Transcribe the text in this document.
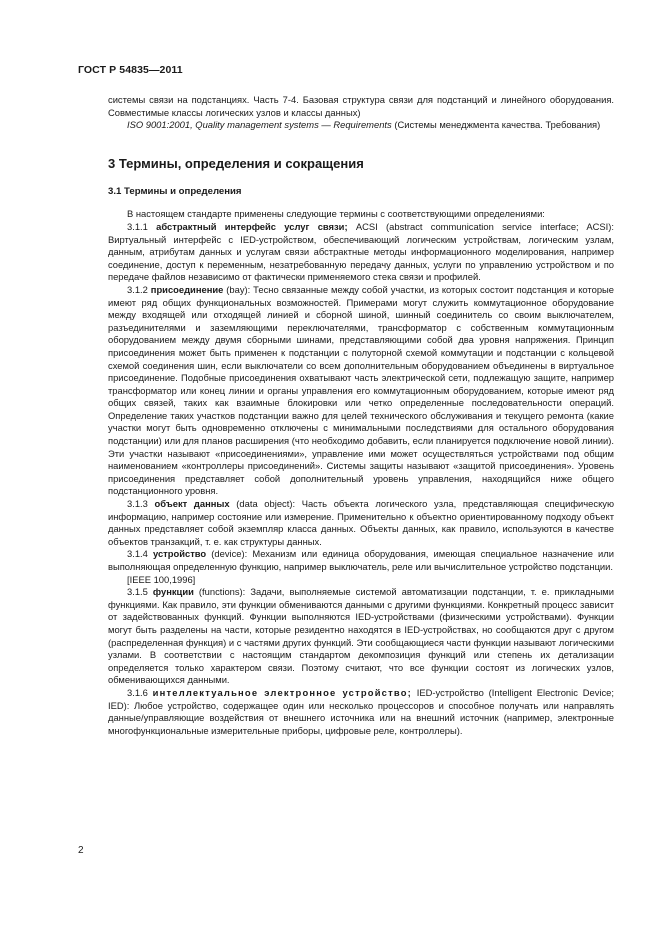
ГОСТ Р 54835—2011

системы связи на подстанциях. Часть 7-4. Базовая структура связи для подстанций и линейного оборудования. Совместимые классы логических узлов и классы данных)

ISO 9001:2001, Quality management systems — Requirements (Системы менеджмента качества. Требования)

3 Термины, определения и сокращения
3.1 Термины и определения

В настоящем стандарте применены следующие термины с соответствующими определениями:

3.1.1 абстрактный интерфейс услуг связи; ACSI (abstract communication service interface; ACSI): Виртуальный интерфейс с IED-устройством, обеспечивающий логическим устройствам, логическим узлам, данным, атрибутам данных и услугам связи абстрактные методы информационного моделирования, например соединение, доступ к переменным, незатребованную передачу данных, услуги по управлению устройством и по передаче файлов независимо от фактически применяемого стека связи и профилей.

3.1.2 присоединение (bay): Тесно связанные между собой участки, из которых состоит подстанция и которые имеют ряд общих функциональных возможностей. Примерами могут служить коммутационное оборудование между входящей или отходящей линией и сборной шиной, шинный соединитель со своим выключателем, разъединителями и заземляющими переключателями, трансформатор с собственным коммутационным оборудованием между двумя сборными шинами, представляющими собой два уровня напряжения. Принцип присоединения может быть применен к подстанции с полуторной схемой коммутации и подстанции с кольцевой схемой соединения шин, если выключатели со всем дополнительным оборудованием объединены в виртуальное присоединение. Подобные присоединения охватывают часть электрической сети, подлежащую защите, например трансформатор или конец линии и органы управления его коммутационным оборудованием, которые имеют ряд общих связей, таких как взаимные блокировки или четко определенные последовательности операций. Определение таких участков подстанции важно для целей технического обслуживания и текущего ремонта (какие участки могут быть одновременно отключены с минимальными последствиями для остального оборудования подстанции) или для планов расширения (что необходимо добавить, если планируется подключение новой линии). Эти участки называют «присоединениями», управление ими может осуществляться устройствами под общим наименованием «контроллеры присоединений». Системы защиты называют «защитой присоединения». Уровень присоединения представляет собой дополнительный уровень управления, находящийся ниже общего подстанционного уровня.

3.1.3 объект данных (data object): Часть объекта логического узла, представляющая специфическую информацию, например состояние или измерение. Применительно к объектно ориентированному подходу объект данных представляет собой экземпляр класса данных. Объекты данных, как правило, используются в качестве объектов транзакций, т. е. как структуры данных.

3.1.4 устройство (device): Механизм или единица оборудования, имеющая специальное назначение или выполняющая определенную функцию, например выключатель, реле или вычислительное устройство подстанции.

[IEEE 100,1996]

3.1.5 функции (functions): Задачи, выполняемые системой автоматизации подстанции, т. е. прикладными функциями. Как правило, эти функции обмениваются данными с другими функциями. Конкретный процесс зависит от задействованных функций. Функции выполняются IED-устройствами (физическими устройствами). Функции могут быть разделены на части, которые резидентно находятся в IED-устройствах, но сообщаются друг с другом (распределенная функция) и с частями других функций. Эти сообщающиеся части функции называют логическими узлами. В соответствии с настоящим стандартом декомпозиция функций или степень их детализации определяется только характером связи. Поэтому считают, что все функции состоят из логических узлов, обменивающихся данными.

3.1.6 интеллектуальное электронное устройство; IED-устройство (Intelligent Electronic Device; IED): Любое устройство, содержащее один или несколько процессоров и способное получать или направлять данные/управляющие воздействия от внешнего источника или на внешний источник (например, электронные многофункциональные измерительные приборы, цифровые реле, контроллеры).

2
